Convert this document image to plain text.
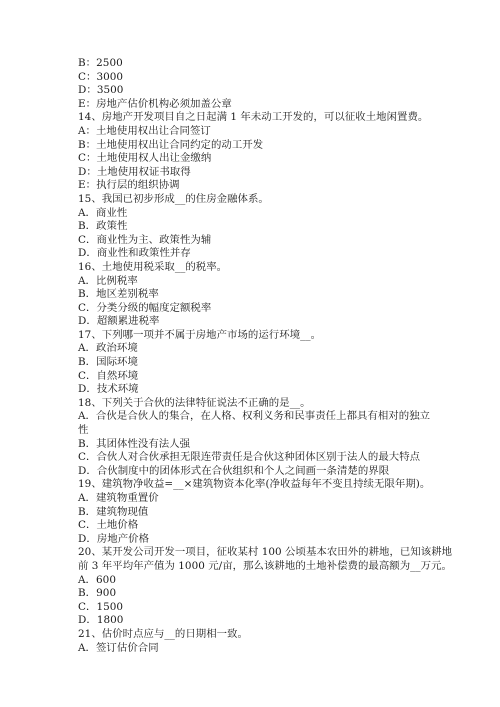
B：2500
C：3000
D：3500
E：房地产估价机构必须加盖公章
14、房地产开发项目自之日起满 1 年未动工开发的，可以征收土地闲置费。
A：土地使用权出让合同签订
B：土地使用权出让合同约定的动工开发
C：土地使用权人出让金缴纳
D：土地使用权证书取得
E：执行层的组织协调
15、我国已初步形成__的住房金融体系。
A．商业性
B．政策性
C．商业性为主、政策性为辅
D．商业性和政策性并存
16、土地使用税采取__的税率。
A．比例税率
B．地区差别税率
C．分类分级的幅度定额税率
D．超额累进税率
17、下列哪一项并不属于房地产市场的运行环境__。
A．政治环境
B．国际环境
C．自然环境
D．技术环境
18、下列关于合伙的法律特征说法不正确的是__。
A．合伙是合伙人的集合，在人格、权利义务和民事责任上都具有相对的独立
性
B．其团体性没有法人强
C．合伙人对合伙承担无限连带责任是合伙这种团体区别于法人的最大特点
D．合伙制度中的团体形式在合伙组织和个人之间画一条清楚的界限
19、建筑物净收益=__×建筑物资本化率(净收益每年不变且持续无限年期)。
A．建筑物重置价
B．建筑物现值
C．土地价格
D．房地产价格
20、某开发公司开发一项目，征收某村 100 公顷基本农田外的耕地，已知该耕地
前 3 年平均年产值为 1000 元/亩，那么该耕地的土地补偿费的最高额为__万元。
A．600
B．900
C．1500
D．1800
21、估价时点应与__的日期相一致。
A．签订估价合同
